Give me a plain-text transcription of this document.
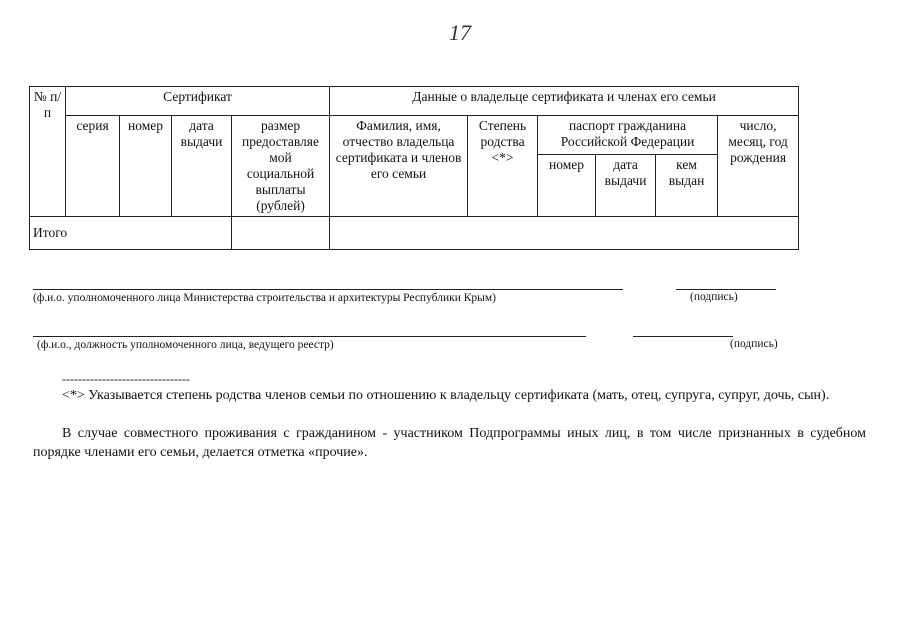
17
№ п/п	Сертификат				Данные о владельце сертификата и членах его семьи					
	серия	номер	дата выдачи	размер предоставляе мой социальной выплаты (рублей)	Фамилия, имя, отчество владельца сертификата и членов его семьи	Степень родства <*>	паспорт гражданина Российской Федерации			число, месяц, год рождения
							номер	дата выдачи	кем выдан	
Итого										
(ф.и.о. уполномоченного лица Министерства строительства и архитектуры Республики Крым)	(подпись)
(ф.и.о., должность уполномоченного лица, ведущего реестр)	(подпись)
--------------------------------
<*> Указывается степень родства членов семьи по отношению к владельцу сертификата (мать, отец, супруга, супруг, дочь, сын).
В случае совместного проживания с гражданином - участником Подпрограммы иных лиц, в том числе признанных в судебном порядке членами его семьи, делается отметка «прочие».
